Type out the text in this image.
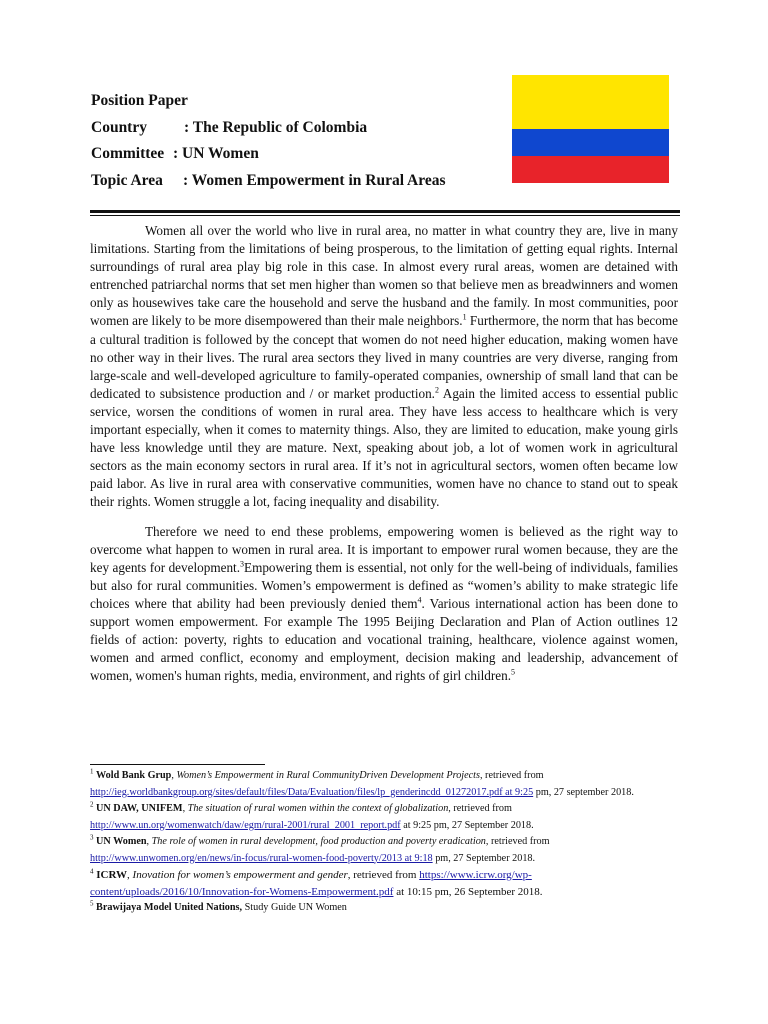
Position Paper
Country : The Republic of Colombia
Committee : UN Women
Topic Area : Women Empowerment in Rural Areas

Women all over the world who live in rural area, no matter in what country they are, live in many limitations. Starting from the limitations of being prosperous, to the limitation of getting equal rights. Internal surroundings of rural area play big role in this case. In almost every rural areas, women are detained with entrenched patriarchal norms that set men higher than women so that believe men as breadwinners and women only as housewives take care the household and serve the husband and the family. In most communities, poor women are likely to be more disempowered than their male neighbors.$^1$ Furthermore, the norm that has become a cultural tradition is followed by the concept that women do not need higher education, making women have no other way in their lives. The rural area sectors they lived in many countries are very diverse, ranging from large-scale and well-developed agriculture to family-operated companies, ownership of small land that can be dedicated to subsistence production and / or market production.$^2$ Again the limited access to essential public service, worsen the conditions of women in rural area. They have less access to healthcare which is very important especially, when it comes to maternity things. Also, they are limited to education, make young girls have less knowledge until they are mature. Next, speaking about job, a lot of women work in agricultural sectors as the main economy sectors in rural area. If it’s not in agricultural sectors, women often became low paid labor. As live in rural area with conservative communities, women have no chance to stand out to speak their rights. Women struggle a lot, facing inequality and disability.

Therefore we need to end these problems, empowering women is believed as the right way to overcome what happen to women in rural area. It is important to empower rural women because, they are the key agents for development.$^3$Empowering them is essential, not only for the well-being of individuals, families but also for rural communities. Women’s empowerment is defined as “women’s ability to make strategic life choices where that ability had been previously denied them$^4$. Various international action has been done to support women empowerment. For example The 1995 Beijing Declaration and Plan of Action outlines 12 fields of action: poverty, rights to education and vocational training, healthcare, violence against women, women and armed conflict, economy and employment, decision making and leadership, advancement of women, women's human rights, media, environment, and rights of girl children.$^5$

$^1$ Wold Bank Grup, Women’s Empowerment in Rural CommunityDriven Development Projects, retrieved from http://ieg.worldbankgroup.org/sites/default/files/Data/Evaluation/files/lp_genderincdd_01272017.pdf at 9:25 pm, 27 september 2018.

$^2$ UN DAW, UNIFEM, The situation of rural women within the context of globalization, retrieved from http://www.un.org/womenwatch/daw/egm/rural-2001/rural_2001_report.pdf at 9:25 pm, 27 September 2018.

$^3$ UN Women, The role of women in rural development, food production and poverty eradication, retrieved from http://www.unwomen.org/en/news/in-focus/rural-women-food-poverty/2013 at 9:18 pm, 27 September 2018.

$^4$ ICRW, Inovation for women’s empowerment and gender, retrieved from https://www.icrw.org/wp-content/uploads/2016/10/Innovation-for-Womens-Empowerment.pdf at 10:15 pm, 26 September 2018.

$^5$ Brawijaya Model United Nations, Study Guide UN Women
